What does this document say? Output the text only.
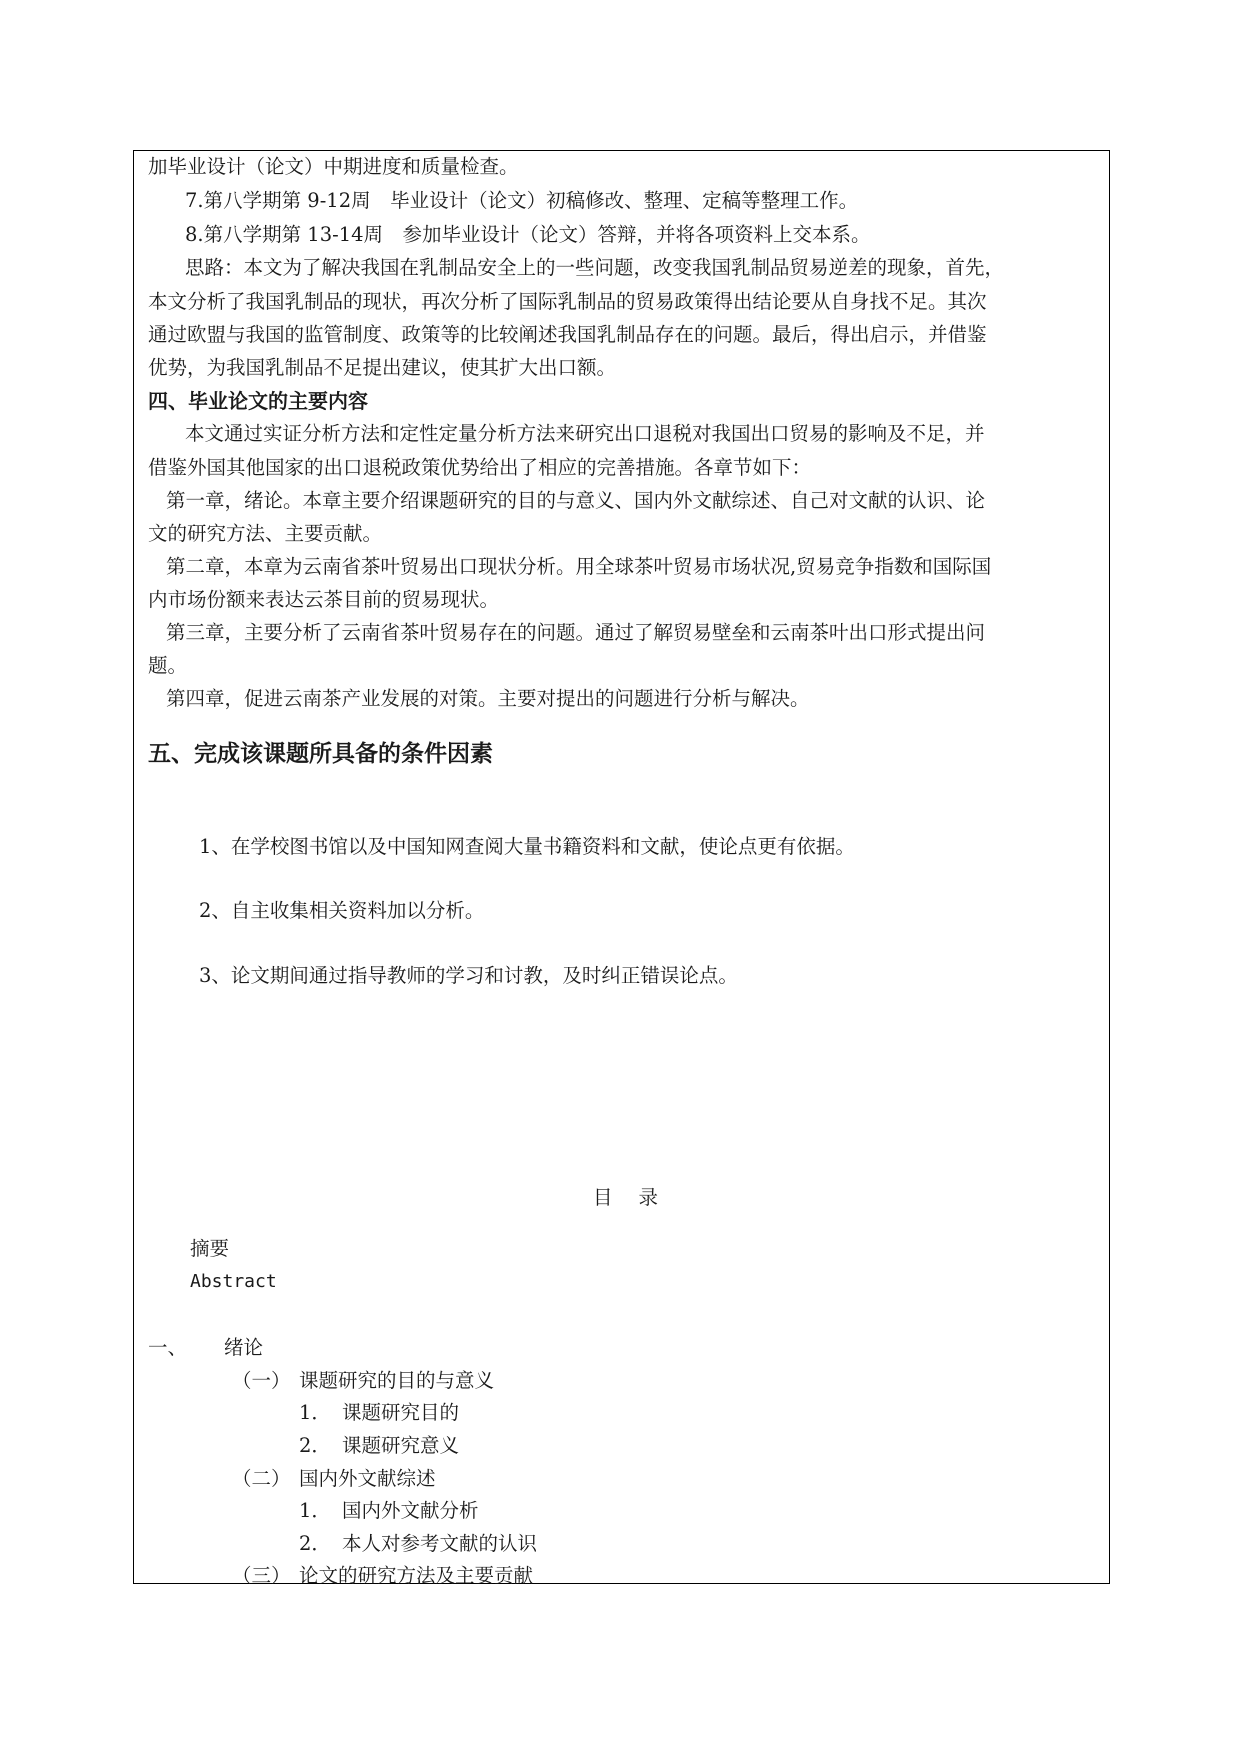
加毕业设计（论文）中期进度和质量检查。
7.第八学期第 9-12周　毕业设计（论文）初稿修改、整理、定稿等整理工作。
8.第八学期第 13-14周　参加毕业设计（论文）答辩，并将各项资料上交本系。
思路：本文为了解决我国在乳制品安全上的一些问题，改变我国乳制品贸易逆差的现象，首先，
本文分析了我国乳制品的现状，再次分析了国际乳制品的贸易政策得出结论要从自身找不足。其次
通过欧盟与我国的监管制度、政策等的比较阐述我国乳制品存在的问题。最后，得出启示，并借鉴
优势，为我国乳制品不足提出建议，使其扩大出口额。
四、毕业论文的主要内容
本文通过实证分析方法和定性定量分析方法来研究出口退税对我国出口贸易的影响及不足，并
借鉴外国其他国家的出口退税政策优势给出了相应的完善措施。各章节如下：
第一章，绪论。本章主要介绍课题研究的目的与意义、国内外文献综述、自己对文献的认识、论
文的研究方法、主要贡献。
第二章，本章为云南省茶叶贸易出口现状分析。用全球茶叶贸易市场状况,贸易竞争指数和国际国
内市场份额来表达云茶目前的贸易现状。
第三章，主要分析了云南省茶叶贸易存在的问题。通过了解贸易壁垒和云南茶叶出口形式提出问
题。
第四章，促进云南茶产业发展的对策。主要对提出的问题进行分析与解决。
五、完成该课题所具备的条件因素
1、在学校图书馆以及中国知网查阅大量书籍资料和文献，使论点更有依据。
2、自主收集相关资料加以分析。
3、论文期间通过指导教师的学习和讨教，及时纠正错误论点。
目录
摘要
Abstract
一、 绪论
（一） 课题研究的目的与意义
1． 课题研究目的
2． 课题研究意义
（二） 国内外文献综述
1． 国内外文献分析
2． 本人对参考文献的认识
（三） 论文的研究方法及主要贡献
